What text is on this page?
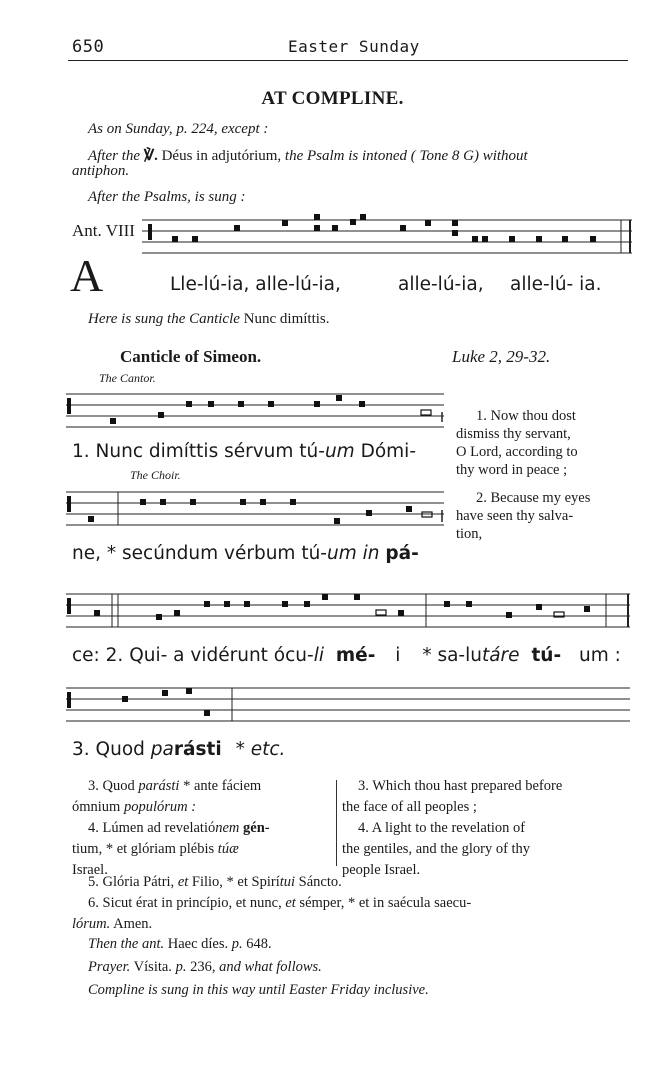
650	Easter Sunday
AT COMPLINE.
As on Sunday, p. 224, except :
After the ℣. Déus in adjutórium, the Psalm is intoned ( Tone 8 G) without
antiphon.
After the Psalms, is sung :
Ant. VIII
A	Lle-lú-ia, alle-lú-ia,	alle-lú-ia, alle-lú- ia.
Here is sung the Canticle Nunc dimíttis.
Canticle of Simeon.	Luke 2, 29-32.
The Cantor.
1. Nunc dimíttis sérvum tú-um Dómi-
The Choir.
1. Now thou dost
dismiss thy servant,
O Lord, according to
thy word in peace ;
2. Because my eyes
have seen thy salva-
tion,
ne, * secúndum vérbum tú-um in pá-
ce: 2. Qui- a vidérunt ócu-li mé- i * sa-lutáre tú- um :
3. Quod parásti * etc.
3. Quod parásti * ante fáciem
ómnium populórum :
4. Lúmen ad revelatiónem gén-
tium, * et glóriam plébis túæ
Israel.
3. Which thou hast prepared before
the face of all peoples ;
4. A light to the revelation of
the gentiles, and the glory of thy
people Israel.
5. Glória Pátri, et Filio, * et Spirítui Sáncto.
6. Sicut érat in princípio, et nunc, et sémper, * et in saécula saecu-
lórum. Amen.
Then the ant. Haec díes. p. 648.
Prayer. Vísita. p. 236, and what follows.
Compline is sung in this way until Easter Friday inclusive.
